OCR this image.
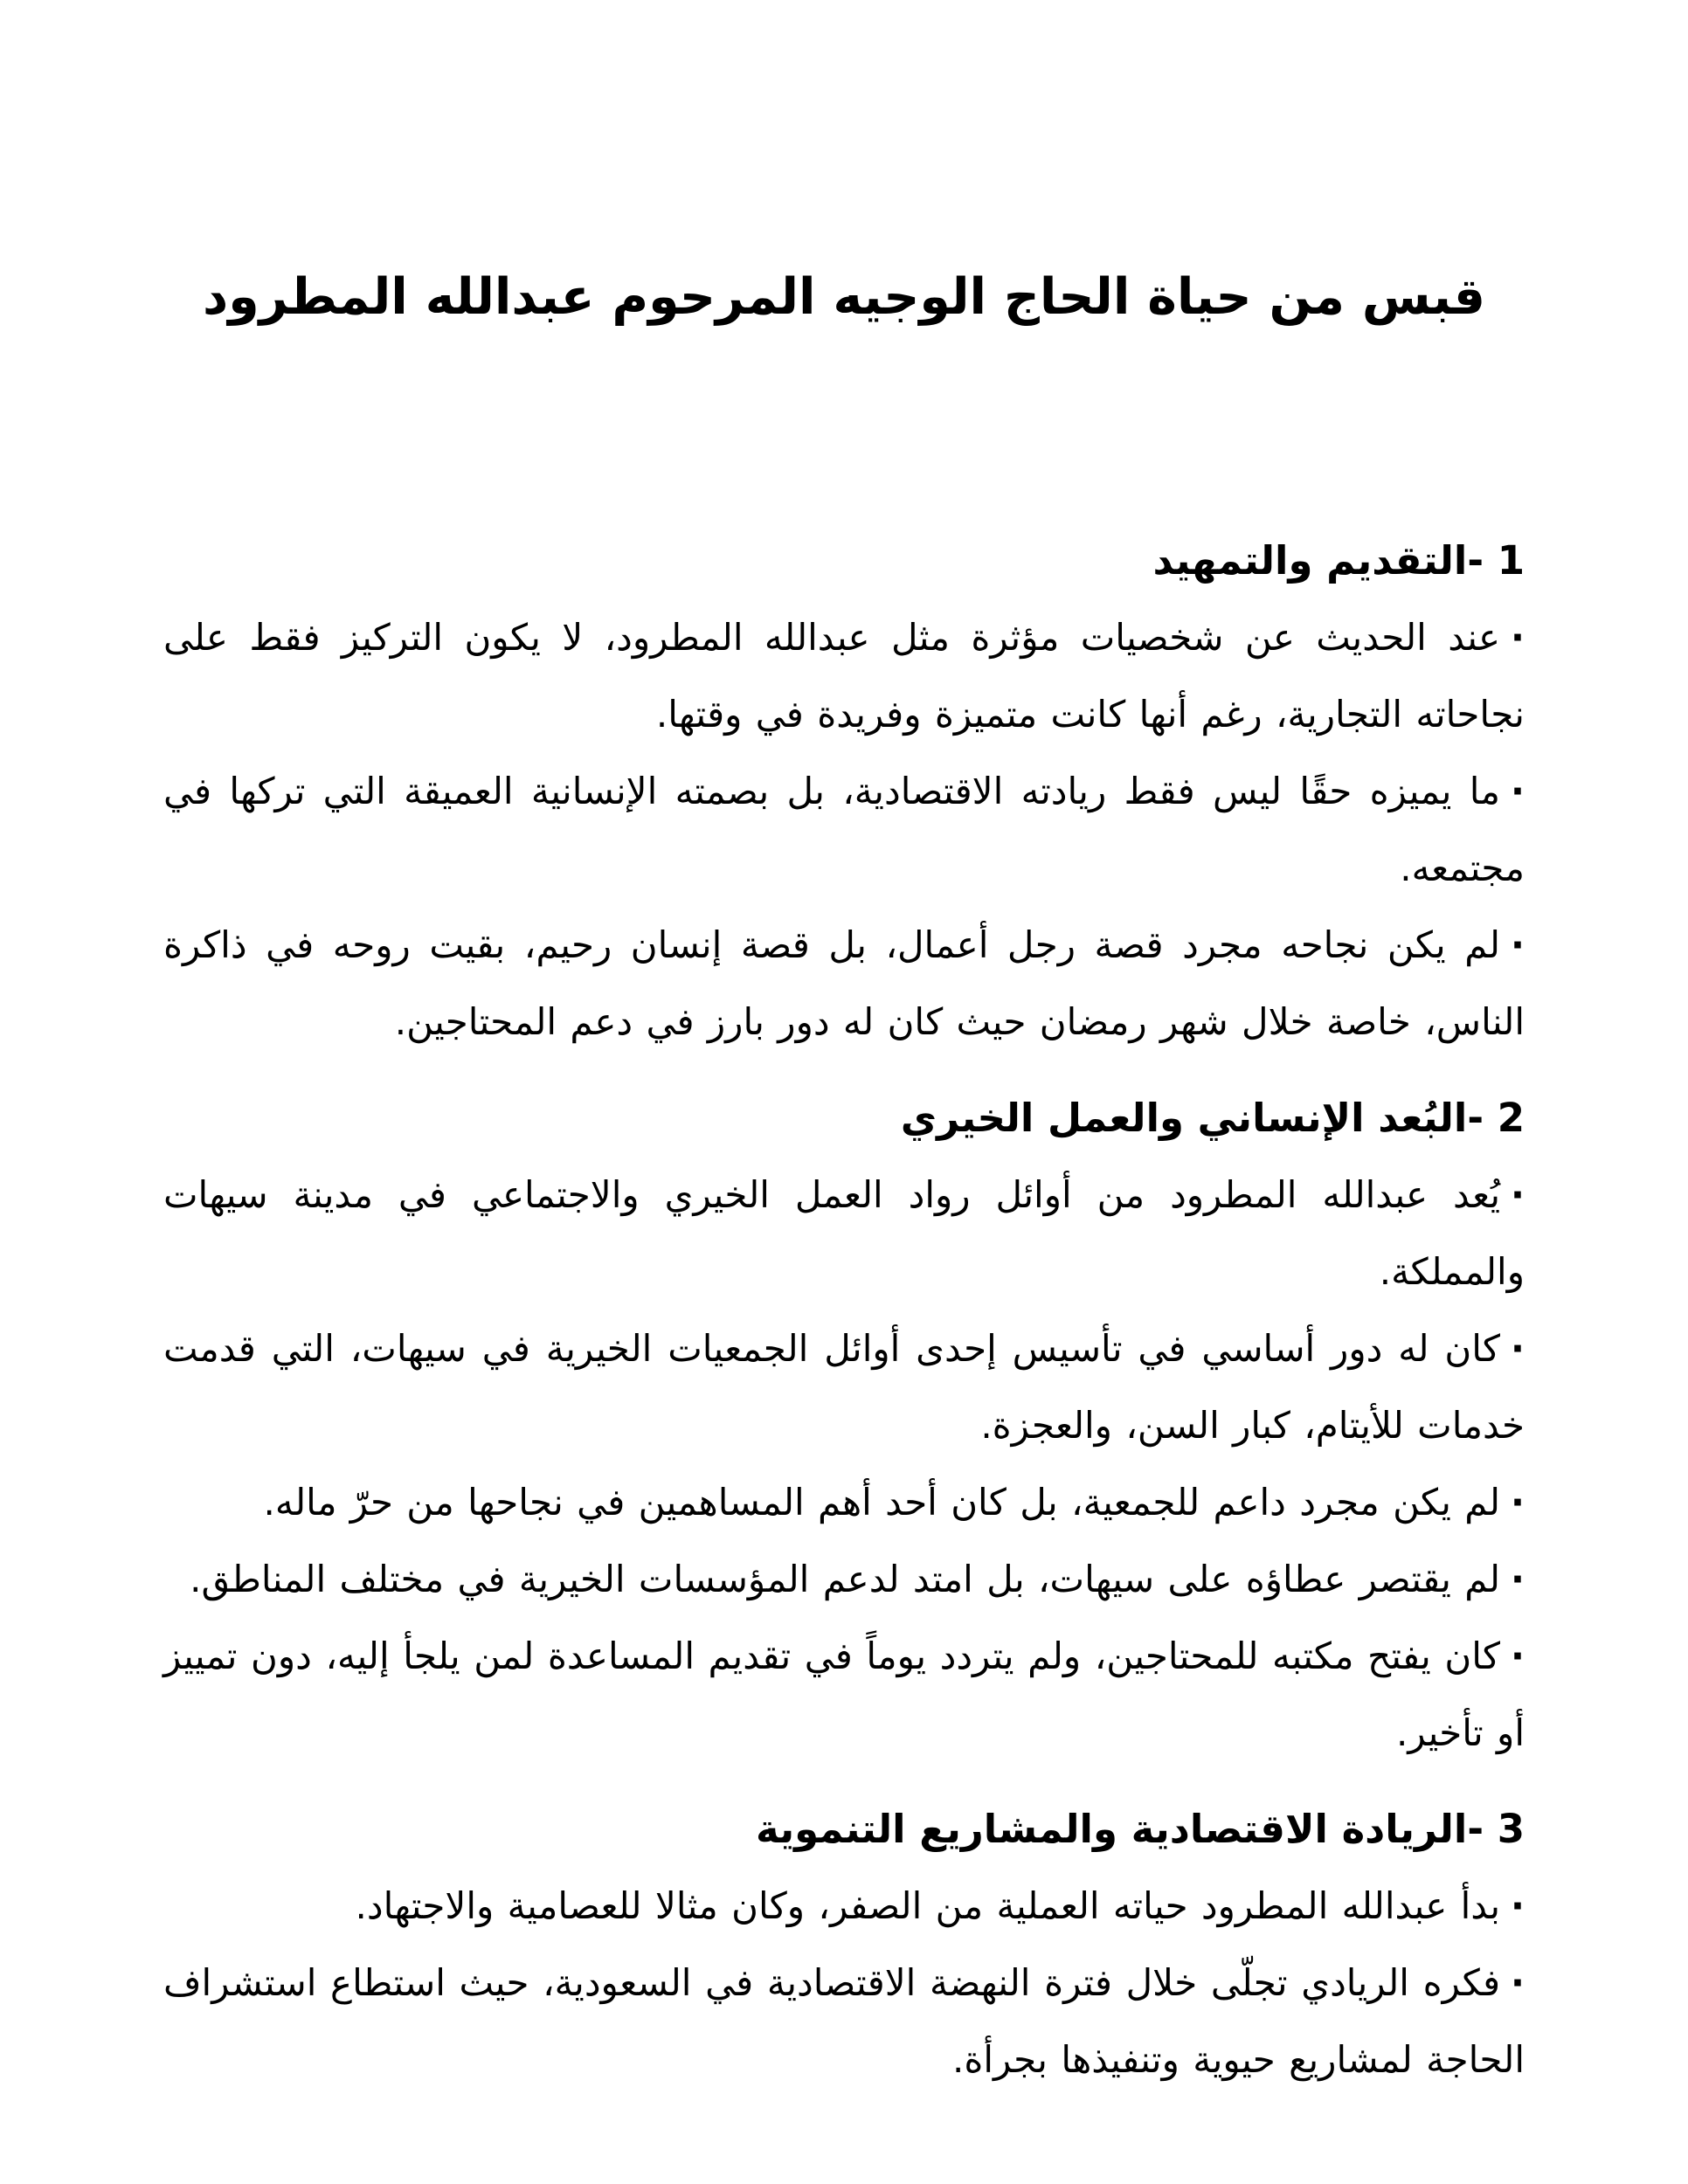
قبس من حياة الحاج الوجيه المرحوم عبدالله المطرود
1 -التقديم والتمهيد
·عند الحديث عن شخصيات مؤثرة مثل عبدالله المطرود، لا يكون التركيز فقط على نجاحاته التجارية، رغم أنها كانت متميزة وفريدة في وقتها.
·ما يميزه حقًا ليس فقط ريادته الاقتصادية، بل بصمته الإنسانية العميقة التي تركها في مجتمعه.
·لم يكن نجاحه مجرد قصة رجل أعمال، بل قصة إنسان رحيم، بقيت روحه في ذاكرة الناس، خاصة خلال شهر رمضان حيث كان له دور بارز في دعم المحتاجين.
2 -البُعد الإنساني والعمل الخيري
·يُعد عبدالله المطرود من أوائل رواد العمل الخيري والاجتماعي في مدينة سيهات والمملكة.
·كان له دور أساسي في تأسيس إحدى أوائل الجمعيات الخيرية في سيهات، التي قدمت خدمات للأيتام، كبار السن، والعجزة.
·لم يكن مجرد داعم للجمعية، بل كان أحد أهم المساهمين في نجاحها من حرّ ماله.
·لم يقتصر عطاؤه على سيهات، بل امتد لدعم المؤسسات الخيرية في مختلف المناطق.
·كان يفتح مكتبه للمحتاجين، ولم يتردد يوماً في تقديم المساعدة لمن يلجأ إليه، دون تمييز أو تأخير.
3 -الريادة الاقتصادية والمشاريع التنموية
·بدأ عبدالله المطرود حياته العملية من الصفر، وكان مثالا للعصامية والاجتهاد.
·فكره الريادي تجلّى خلال فترة النهضة الاقتصادية في السعودية، حيث استطاع استشراف الحاجة لمشاريع حيوية وتنفيذها بجرأة.
